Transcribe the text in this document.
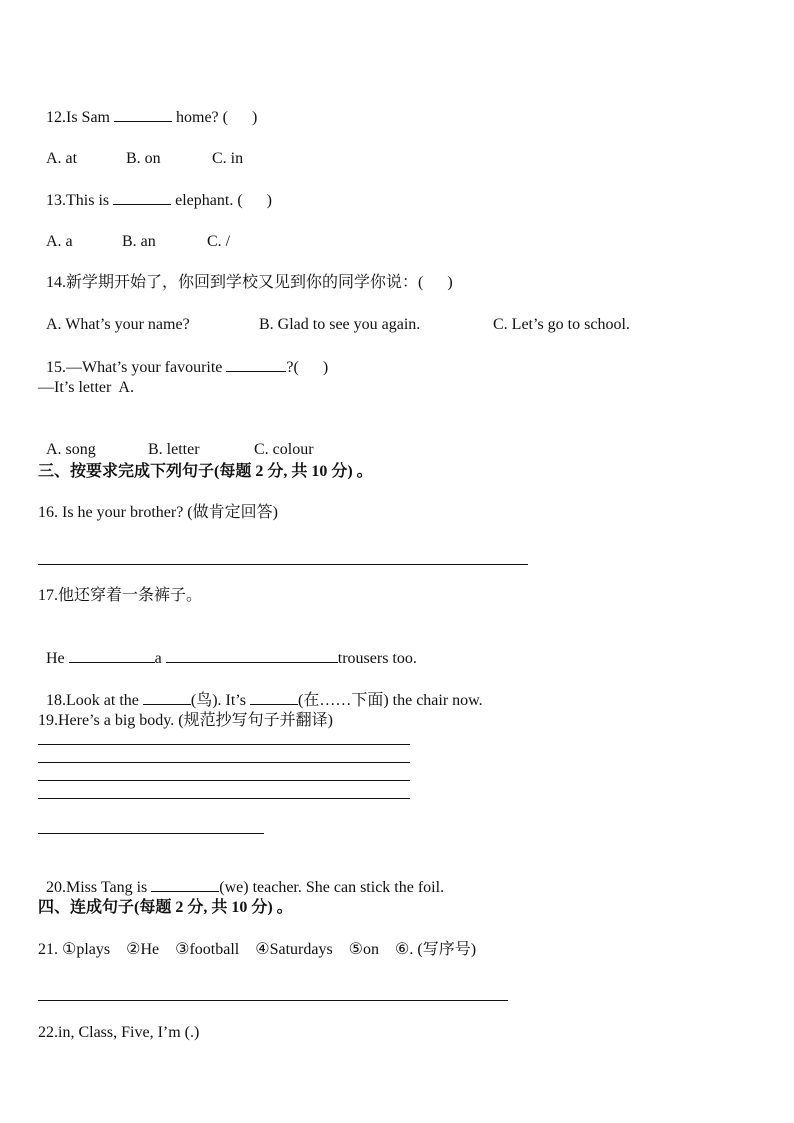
12.Is Sam	home? (      )

A. at	B. on	C. in

13.This is	elephant. (      )

A. a	B. an	C. /

14.新学期开始了，你回到学校又见到你的同学你说：(      )

A. What’s your name?	B. Glad to see you again.	C. Let’s go to school.

15.—What’s your favourite	?(      )

—It’s letter  A.

A. song	B. letter	C. colour

三、按要求完成下列句子(每题 2 分, 共 10 分) 。
16. Is he your brother? (做肯定回答)
17.他还穿着一条裤子。

He	a	trousers too.

18.Look at the	(鸟). It’s	(在……下面) the chair now.

19.Here’s a big body. (规范抄写句子并翻译)

20.Miss Tang is	(we) teacher. She can stick the foil.

四、连成句子(每题 2 分, 共 10 分) 。
21. ①plays    ②He    ③football    ④Saturdays    ⑤on    ⑥. (写序号)
22.in, Class, Five, I’m (.)
